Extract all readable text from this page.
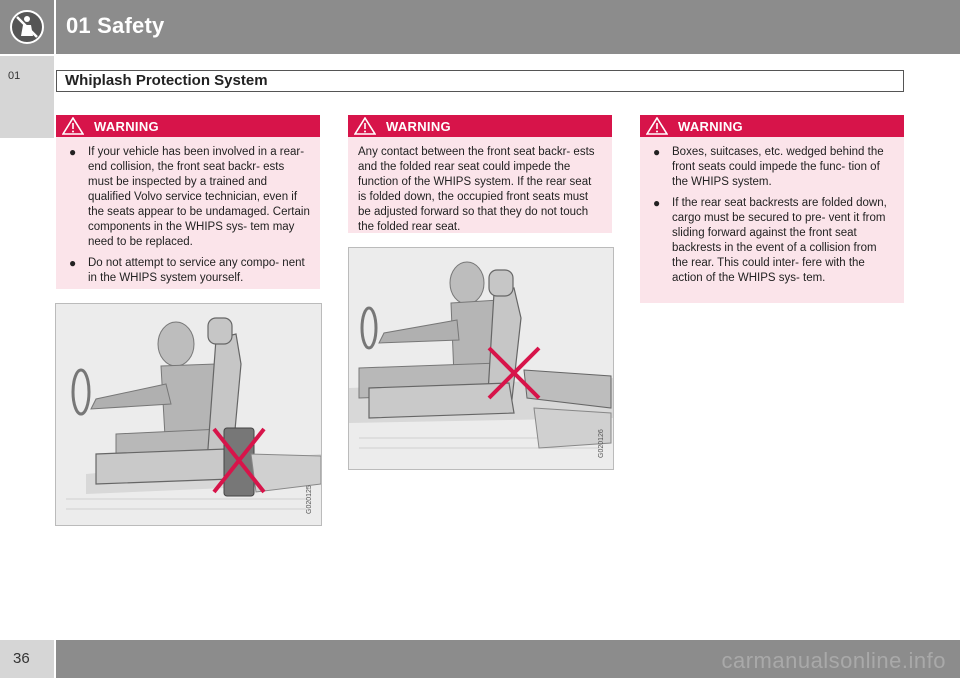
01 Safety
01	Whiplash Protection System
WARNING
● If your vehicle has been involved in a rear-end collision, the front seat backr- ests must be inspected by a trained and qualified Volvo service technician, even if the seats appear to be undamaged. Certain components in the WHIPS sys- tem may need to be replaced.
● Do not attempt to service any compo- nent in the WHIPS system yourself.
WARNING
Any contact between the front seat backr- ests and the folded rear seat could impede the function of the WHIPS system. If the rear seat is folded down, the occupied front seats must be adjusted forward so that they do not touch the folded rear seat.
WARNING
● Boxes, suitcases, etc. wedged behind the front seats could impede the func- tion of the WHIPS system.
● If the rear seat backrests are folded down, cargo must be secured to pre- vent it from sliding forward against the front seat backrests in the event of a collision from the rear. This could inter- fere with the action of the WHIPS sys- tem.
G020125
G020126
36	carmanualsonline.info
